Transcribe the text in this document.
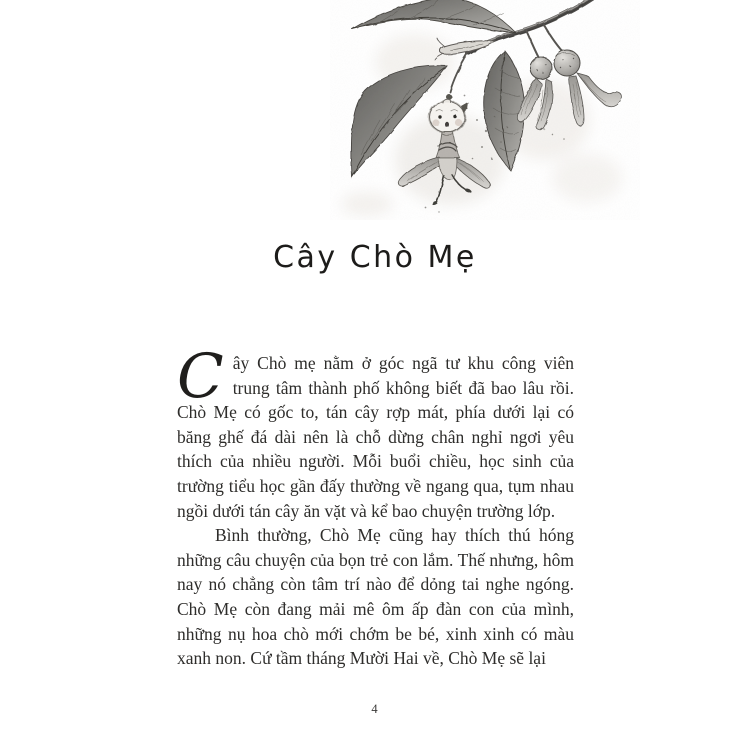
Cây Chò Mẹ

Cây Chò mẹ nằm ở góc ngã tư khu công viên trung tâm thành phố không biết đã bao lâu rồi. Chò Mẹ có gốc to, tán cây rợp mát, phía dưới lại có băng ghế đá dài nên là chỗ dừng chân nghỉ ngơi yêu thích của nhiều người. Mỗi buổi chiều, học sinh của trường tiểu học gần đấy thường về ngang qua, tụm nhau ngồi dưới tán cây ăn vặt và kể bao chuyện trường lớp.

Bình thường, Chò Mẹ cũng hay thích thú hóng những câu chuyện của bọn trẻ con lắm. Thế nhưng, hôm nay nó chẳng còn tâm trí nào để dỏng tai nghe ngóng. Chò Mẹ còn đang mải mê ôm ấp đàn con của mình, những nụ hoa chò mới chớm be bé, xinh xinh có màu xanh non. Cứ tầm tháng Mười Hai về, Chò Mẹ sẽ lại

4
